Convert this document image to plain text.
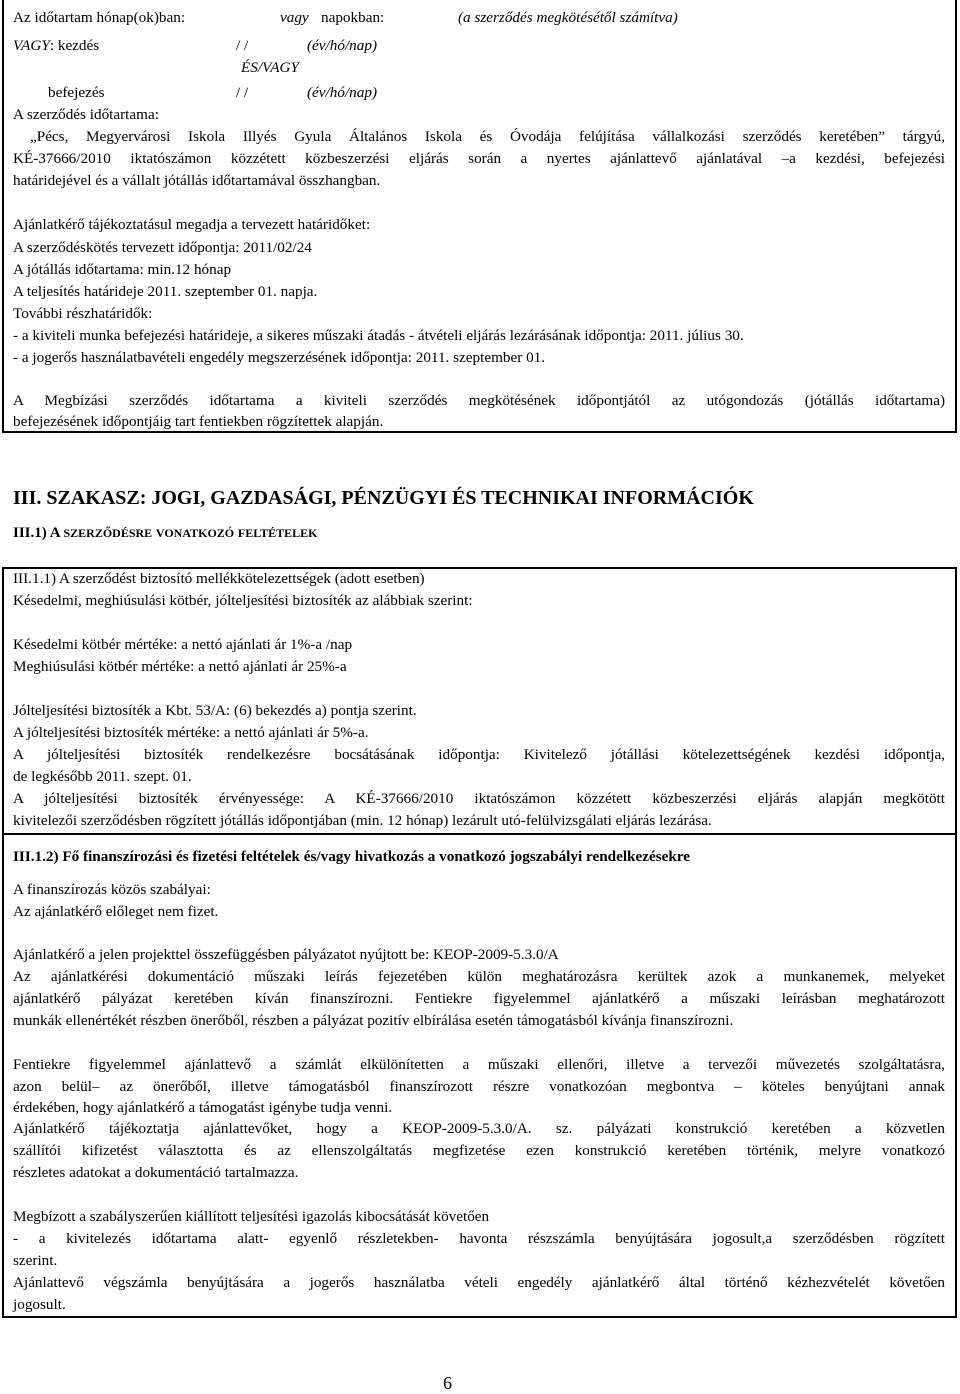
Az időtartam hónap(ok)ban:	vagy napokban:	(a szerződés megkötésétől számítva)
VAGY: kezdés	/ /	(év/hó/nap)
ÉS/VAGY
befejezés	/ /	(év/hó/nap)
A szerződés időtartama:
„Pécs, Megyervárosi Iskola Illyés Gyula Általános Iskola és Óvodája felújítása vállalkozási szerződés keretében” tárgyú,
KÉ-37666/2010 iktatószámon közzétett közbeszerzési eljárás során a nyertes ajánlattevő ajánlatával –a kezdési, befejezési
határidejével és a vállalt jótállás időtartamával összhangban.
Ajánlatkérő tájékoztatásul megadja a tervezett határidőket:
A szerződéskötés tervezett időpontja: 2011/02/24
A jótállás időtartama: min.12 hónap
A teljesítés határideje 2011. szeptember 01. napja.
További részhatáridők:
- a kiviteli munka befejezési határideje, a sikeres műszaki átadás - átvételi eljárás lezárásának időpontja: 2011. július 30.
- a jogerős használatbavételi engedély megszerzésének időpontja: 2011. szeptember 01.
A Megbízási szerződés időtartama a kiviteli szerződés megkötésének időpontjától az utógondozás (jótállás időtartama)
befejezésének időpontjáig tart fentiekben rögzítettek alapján.
III. SZAKASZ: JOGI, GAZDASÁGI, PÉNZÜGYI ÉS TECHNIKAI INFORMÁCIÓK
III.1) A SZERZŐDÉSRE VONATKOZÓ FELTÉTELEK
III.1.1) A szerződést biztosító mellékkötelezettségek (adott esetben)
Késedelmi, meghiúsulási kötbér, jólteljesítési biztosíték az alábbiak szerint:
Késedelmi kötbér mértéke: a nettó ajánlati ár 1%-a /nap
Meghiúsulási kötbér mértéke: a nettó ajánlati ár 25%-a
Jólteljesítési biztosíték a Kbt. 53/A: (6) bekezdés a) pontja szerint.
A jólteljesítési biztosíték mértéke: a nettó ajánlati ár 5%-a.
A jólteljesítési biztosíték rendelkezésre bocsátásának időpontja: Kivitelező jótállási kötelezettségének kezdési időpontja,
de legkésőbb 2011. szept. 01.
A jólteljesítési biztosíték érvényessége: A KÉ-37666/2010 iktatószámon közzétett közbeszerzési eljárás alapján megkötött
kivitelezői szerződésben rögzített jótállás időpontjában (min. 12 hónap) lezárult utó-felülvizsgálati eljárás lezárása.
III.1.2) Fő finanszírozási és fizetési feltételek és/vagy hivatkozás a vonatkozó jogszabályi rendelkezésekre
A finanszírozás közös szabályai:
Az ajánlatkérő előleget nem fizet.
Ajánlatkérő a jelen projekttel összefüggésben pályázatot nyújtott be: KEOP-2009-5.3.0/A
Az ajánlatkérési dokumentáció műszaki leírás fejezetében külön meghatározásra kerültek azok a munkanemek, melyeket
ajánlatkérő pályázat keretében kíván finanszírozni. Fentiekre figyelemmel ajánlatkérő a műszaki leírásban meghatározott
munkák ellenértékét részben önerőből, részben a pályázat pozitív elbírálása esetén támogatásból kívánja finanszírozni.
Fentiekre figyelemmel ajánlattevő a számlát elkülönítetten a műszaki ellenőri, illetve a tervezői művezetés szolgáltatásra,
azon belül– az önerőből, illetve támogatásból finanszírozott részre vonatkozóan megbontva – köteles benyújtani annak
érdekében, hogy ajánlatkérő a támogatást igénybe tudja venni.
Ajánlatkérő tájékoztatja ajánlattevőket, hogy a KEOP-2009-5.3.0/A. sz. pályázati konstrukció keretében a közvetlen
szállítói kifizetést választotta és az ellenszolgáltatás megfizetése ezen konstrukció keretében történik, melyre vonatkozó
részletes adatokat a dokumentáció tartalmazza.
Megbízott a szabályszerűen kiállított teljesítési igazolás kibocsátását követően
- a kivitelezés időtartama alatt- egyenlő részletekben- havonta részszámla benyújtására jogosult,a szerződésben rögzített
szerint.
Ajánlattevő végszámla benyújtására a jogerős használatba vételi engedély ajánlatkérő által történő kézhezvételét követően
jogosult.
6
